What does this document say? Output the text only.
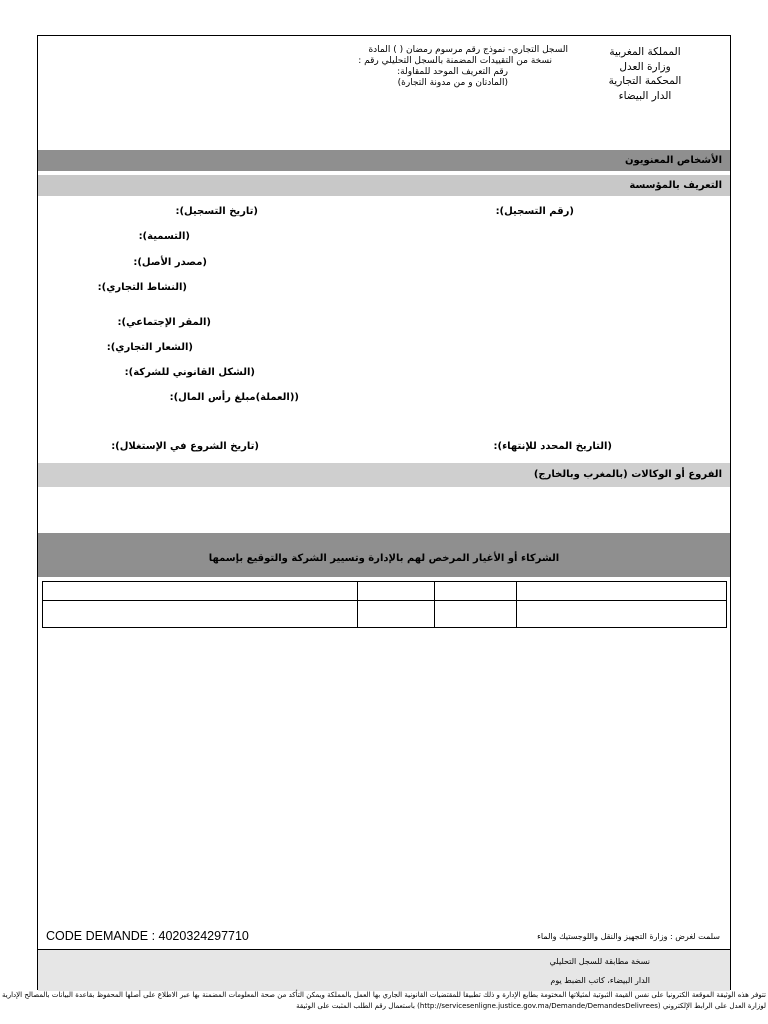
المملكة المغربية
وزارة العدل
المحكمة التجارية
الدار البيضاء
السجل التجاري- نموذج رقم مرسوم رمضان ( ) المادة
نسخة من التقييدات المضمنة بالسجل التحليلي رقم :
رقم التعريف الموحد للمقاولة:
(المادتان و من مدونة التجارة)
الأشخاص المعنويون
التعريف بالمؤسسة
(رقم التسجيل):
(تاريخ التسجيل):
(التسمية):
(مصدر الأصل):
(النشاط التجاري):
(المقر الإجتماعي):
(الشعار التجاري):
(الشكل القانوني للشركة):
((العملة)مبلغ رأس المال):
(التاريخ المحدد للإنتهاء):
(تاريخ الشروع في الإستغلال):
الفروع أو الوكالات (بالمغرب وبالخارج)
الشركاء أو الأغيار المرخص لهم بالإدارة وتسيير الشركة والتوقيع بإسمها

CODE DEMANDE : 4020324297710	سلمت لغرض : وزارة التجهيز والنقل واللوجستيك والماء
نسخة مطابقة للسجل التحليلي
الدار البيضاء، كاتب الضبط يوم
تتوفر هذه الوثيقة الموقعة الكترونيا على نفس القيمة الثبوتية لمثيلاتها المختومة بطابع الإدارة و ذلك تطبيقا للمقتضيات القانونية الجاري بها العمل بالمملكة ويمكن التأكد من صحة المعلومات المضمنة بها عبر الاطلاع على أصلها المحفوظ بقاعدة البيانات بالمصالح الإدارية لوزارة العدل على الرابط الإلكتروني (http://servicesenligne.justice.gov.ma/Demande/DemandesDelivrees) باستعمال رقم الطلب المثبت على الوثيقة
